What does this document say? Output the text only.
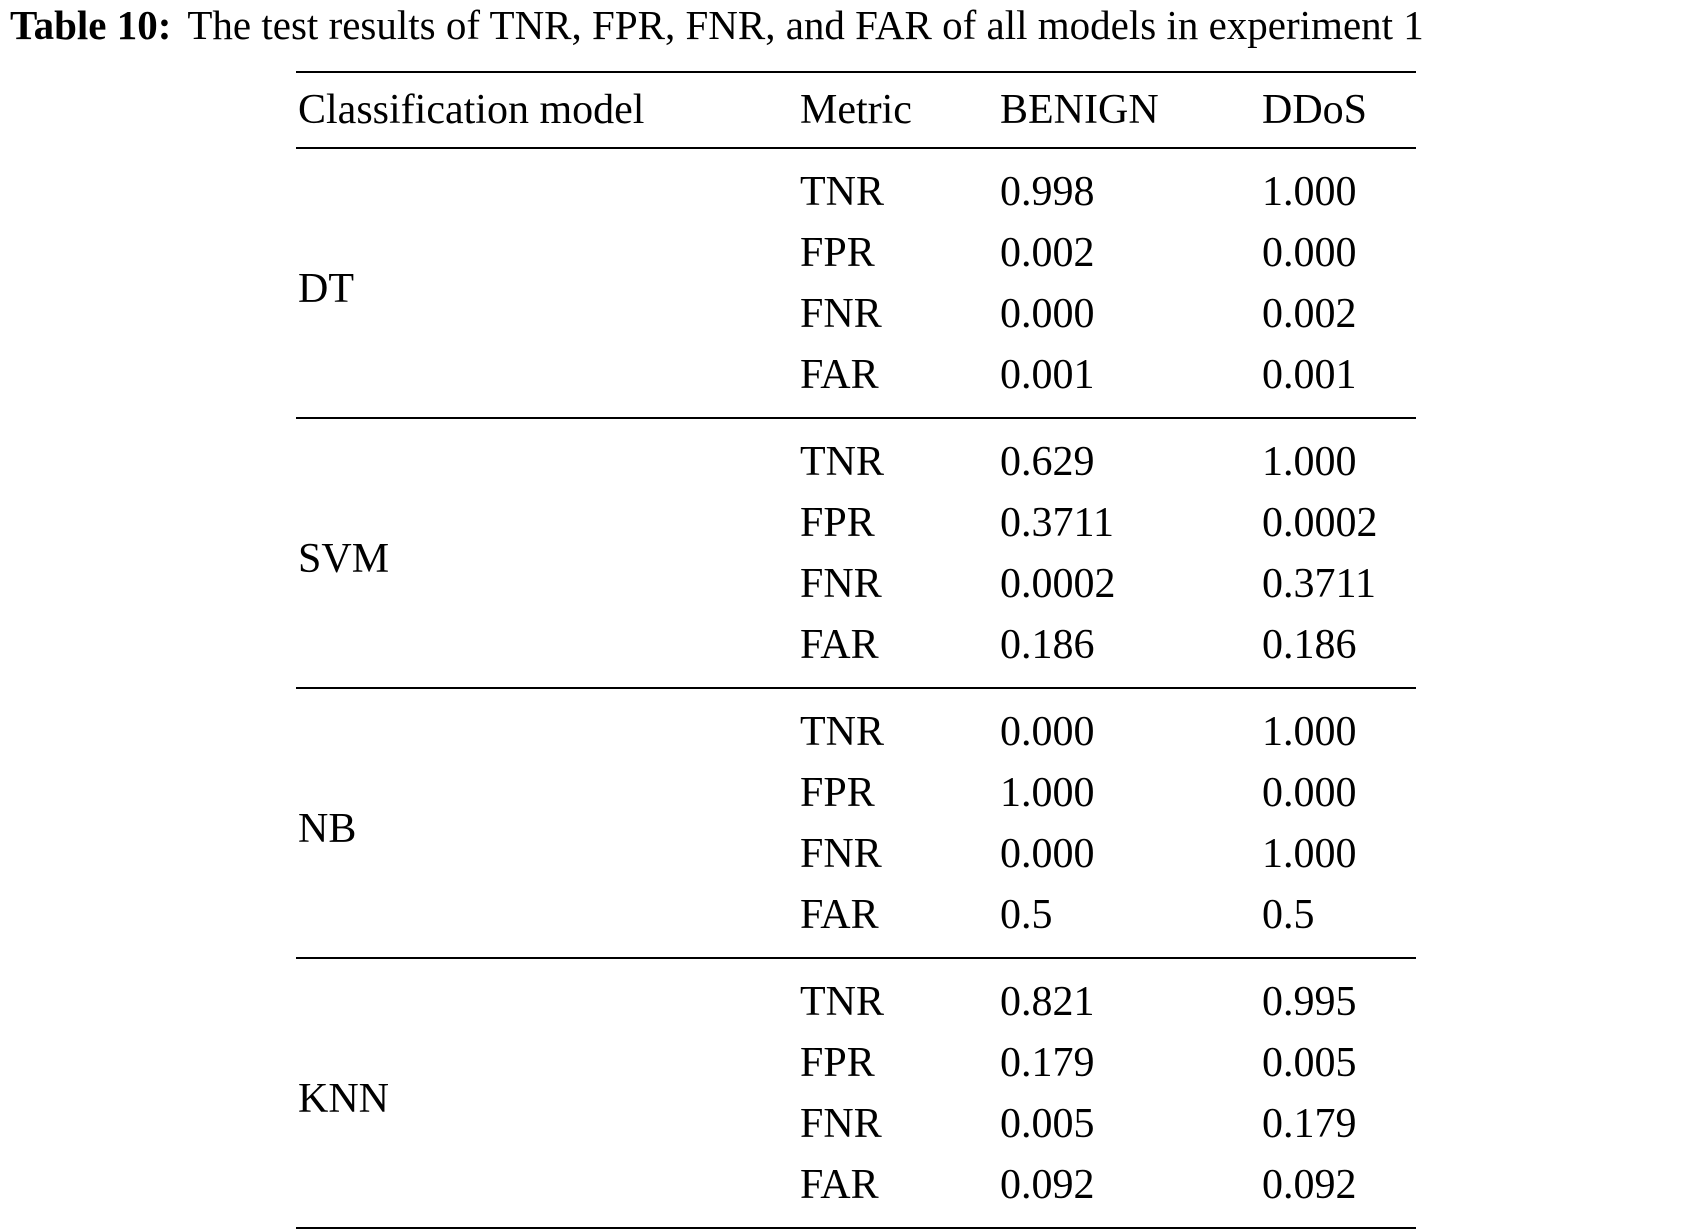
Table 10: The test results of TNR, FPR, FNR, and FAR of all models in experiment 1
Classification model	Metric	BENIGN	DDoS
DT	TNR	0.998	1.000
	FPR	0.002	0.000
	FNR	0.000	0.002
	FAR	0.001	0.001
SVM	TNR	0.629	1.000
	FPR	0.3711	0.0002
	FNR	0.0002	0.3711
	FAR	0.186	0.186
NB	TNR	0.000	1.000
	FPR	1.000	0.000
	FNR	0.000	1.000
	FAR	0.5	0.5
KNN	TNR	0.821	0.995
	FPR	0.179	0.005
	FNR	0.005	0.179
	FAR	0.092	0.092
